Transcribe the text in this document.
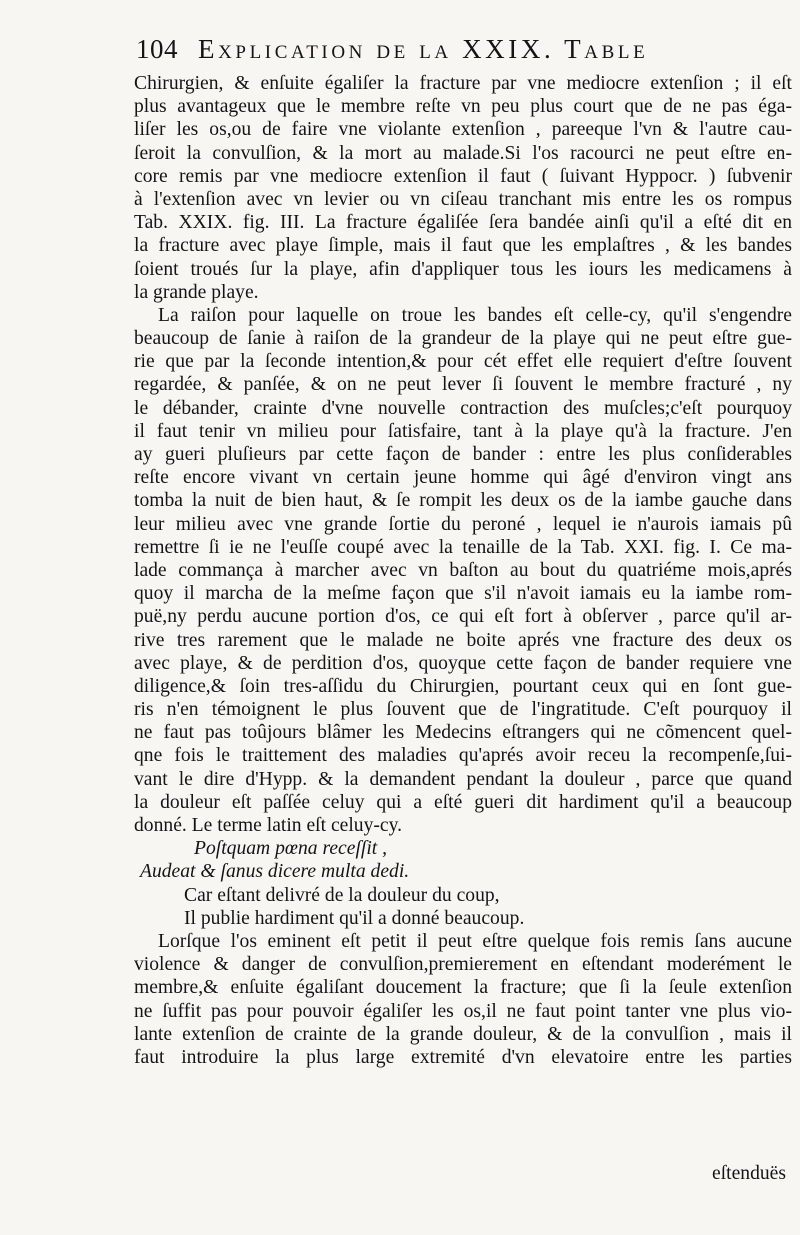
104 Explication de la XXIX. Table
Chirurgien, & enſuite égaliſer la fracture par vne mediocre extenſion ; il eſt
plus avantageux que le membre reſte vn peu plus court que de ne pas éga-
liſer les os,ou de faire vne violante extenſion , pareeque l'vn & l'autre cau-
ſeroit la convulſion, & la mort au malade.Si l'os racourci ne peut eſtre en-
core remis par vne mediocre extenſion il faut ( ſuivant Hyppocr. ) ſubvenir
à l'extenſion avec vn levier ou vn ciſeau tranchant mis entre les os rompus
Tab. XXIX. fig. III. La fracture égaliſée ſera bandée ainſi qu'il a eſté dit en
la fracture avec playe ſimple, mais il faut que les emplaſtres , & les bandes
ſoient troués ſur la playe, afin d'appliquer tous les iours les medicamens à
la grande playe.
La raiſon pour laquelle on troue les bandes eſt celle-cy, qu'il s'engendre
beaucoup de ſanie à raiſon de la grandeur de la playe qui ne peut eſtre gue-
rie que par la ſeconde intention,& pour cét effet elle requiert d'eſtre ſouvent
regardée, & panſée, & on ne peut lever ſi ſouvent le membre fracturé , ny
le débander, crainte d'vne nouvelle contraction des muſcles;c'eſt pourquoy
il faut tenir vn milieu pour ſatisfaire, tant à la playe qu'à la fracture. J'en
ay gueri pluſieurs par cette façon de bander : entre les plus conſiderables
reſte encore vivant vn certain jeune homme qui âgé d'environ vingt ans
tomba la nuit de bien haut, & ſe rompit les deux os de la iambe gauche dans
leur milieu avec vne grande ſortie du peroné , lequel ie n'aurois iamais pû
remettre ſi ie ne l'euſſe coupé avec la tenaille de la Tab. XXI. fig. I. Ce ma-
lade commança à marcher avec vn baſton au bout du quatriéme mois,aprés
quoy il marcha de la meſme façon que s'il n'avoit iamais eu la iambe rom-
puë,ny perdu aucune portion d'os, ce qui eſt fort à obſerver , parce qu'il ar-
rive tres rarement que le malade ne boite aprés vne fracture des deux os
avec playe, & de perdition d'os, quoyque cette façon de bander requiere vne
diligence,& ſoin tres-aſſidu du Chirurgien, pourtant ceux qui en ſont gue-
ris n'en témoignent le plus ſouvent que de l'ingratitude. C'eſt pourquoy il
ne faut pas toûjours blâmer les Medecins eſtrangers qui ne cõmencent quel-
qne fois le traittement des maladies qu'aprés avoir receu la recompenſe,ſui-
vant le dire d'Hypp. & la demandent pendant la douleur , parce que quand
la douleur eſt paſſée celuy qui a eſté gueri dit hardiment qu'il a beaucoup
donné. Le terme latin eſt celuy-cy.
Poſtquam pœna receſſit ,
Audeat & ſanus dicere multa dedi.
Car eſtant delivré de la douleur du coup,
Il publie hardiment qu'il a donné beaucoup.
Lorſque l'os eminent eſt petit il peut eſtre quelque fois remis ſans aucune
violence & danger de convulſion,premierement en eſtendant moderément le
membre,& enſuite égaliſant doucement la fracture; que ſi la ſeule extenſion
ne ſuffit pas pour pouvoir égaliſer les os,il ne faut point tanter vne plus vio-
lante extenſion de crainte de la grande douleur, & de la convulſion , mais il
faut introduire la plus large extremité d'vn elevatoire entre les parties
eſtenduës
